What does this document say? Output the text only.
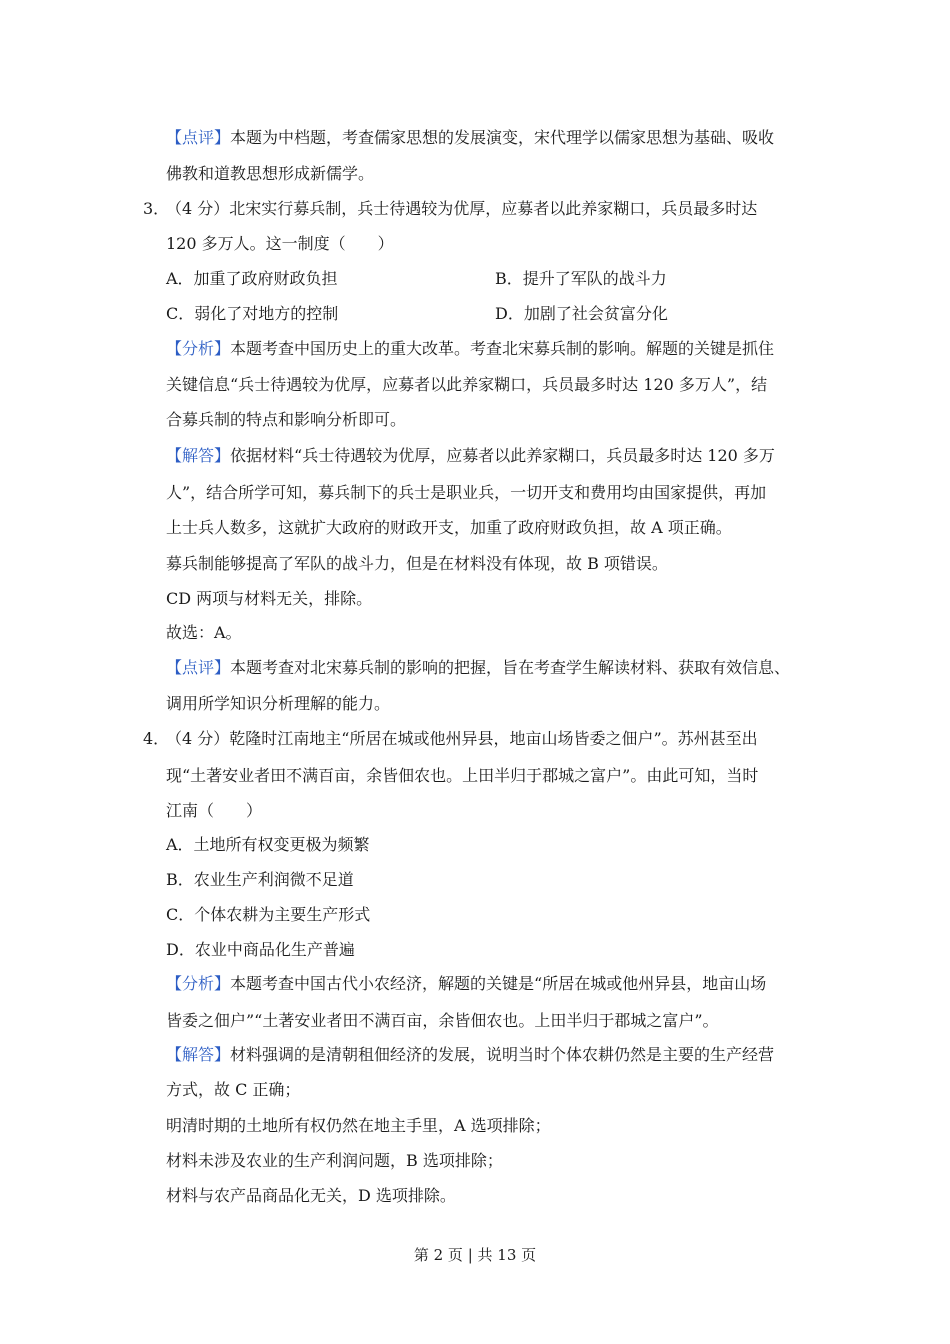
【点评】本题为中档题，考查儒家思想的发展演变，宋代理学以儒家思想为基础、吸收
佛教和道教思想形成新儒学。
3．
（4 分）北宋实行募兵制，兵士待遇较为优厚，应募者以此养家糊口，兵员最多时达
120 多万人。这一制度（　　）
A．加重了政府财政负担	B．提升了军队的战斗力
C．弱化了对地方的控制	D．加剧了社会贫富分化
【分析】本题考查中国历史上的重大改革。考查北宋募兵制的影响。解题的关键是抓住
关键信息“兵士待遇较为优厚，应募者以此养家糊口，兵员最多时达 120 多万人”，结
合募兵制的特点和影响分析即可。
【解答】依据材料“兵士待遇较为优厚，应募者以此养家糊口，兵员最多时达 120 多万
人”，结合所学可知，募兵制下的兵士是职业兵，一切开支和费用均由国家提供，再加
上士兵人数多，这就扩大政府的财政开支，加重了政府财政负担，故 A 项正确。
募兵制能够提高了军队的战斗力，但是在材料没有体现，故 B 项错误。
CD 两项与材料无关，排除。
故选：A。
【点评】本题考查对北宋募兵制的影响的把握，旨在考查学生解读材料、获取有效信息、
调用所学知识分析理解的能力。
4．
（4 分）乾隆时江南地主“所居在城或他州异县，地亩山场皆委之佃户”。苏州甚至出
现“土著安业者田不满百亩，余皆佃农也。上田半归于郡城之富户”。由此可知，当时
江南（　　）
A．土地所有权变更极为频繁
B．农业生产利润微不足道
C．个体农耕为主要生产形式
D．农业中商品化生产普遍
【分析】本题考查中国古代小农经济，解题的关键是“所居在城或他州异县，地亩山场
皆委之佃户”“土著安业者田不满百亩，余皆佃农也。上田半归于郡城之富户”。
【解答】材料强调的是清朝租佃经济的发展，说明当时个体农耕仍然是主要的生产经营
方式，故 C 正确；
明清时期的土地所有权仍然在地主手里，A 选项排除；
材料未涉及农业的生产利润问题，B 选项排除；
材料与农产品商品化无关，D 选项排除。
第 2 页 | 共 13 页
